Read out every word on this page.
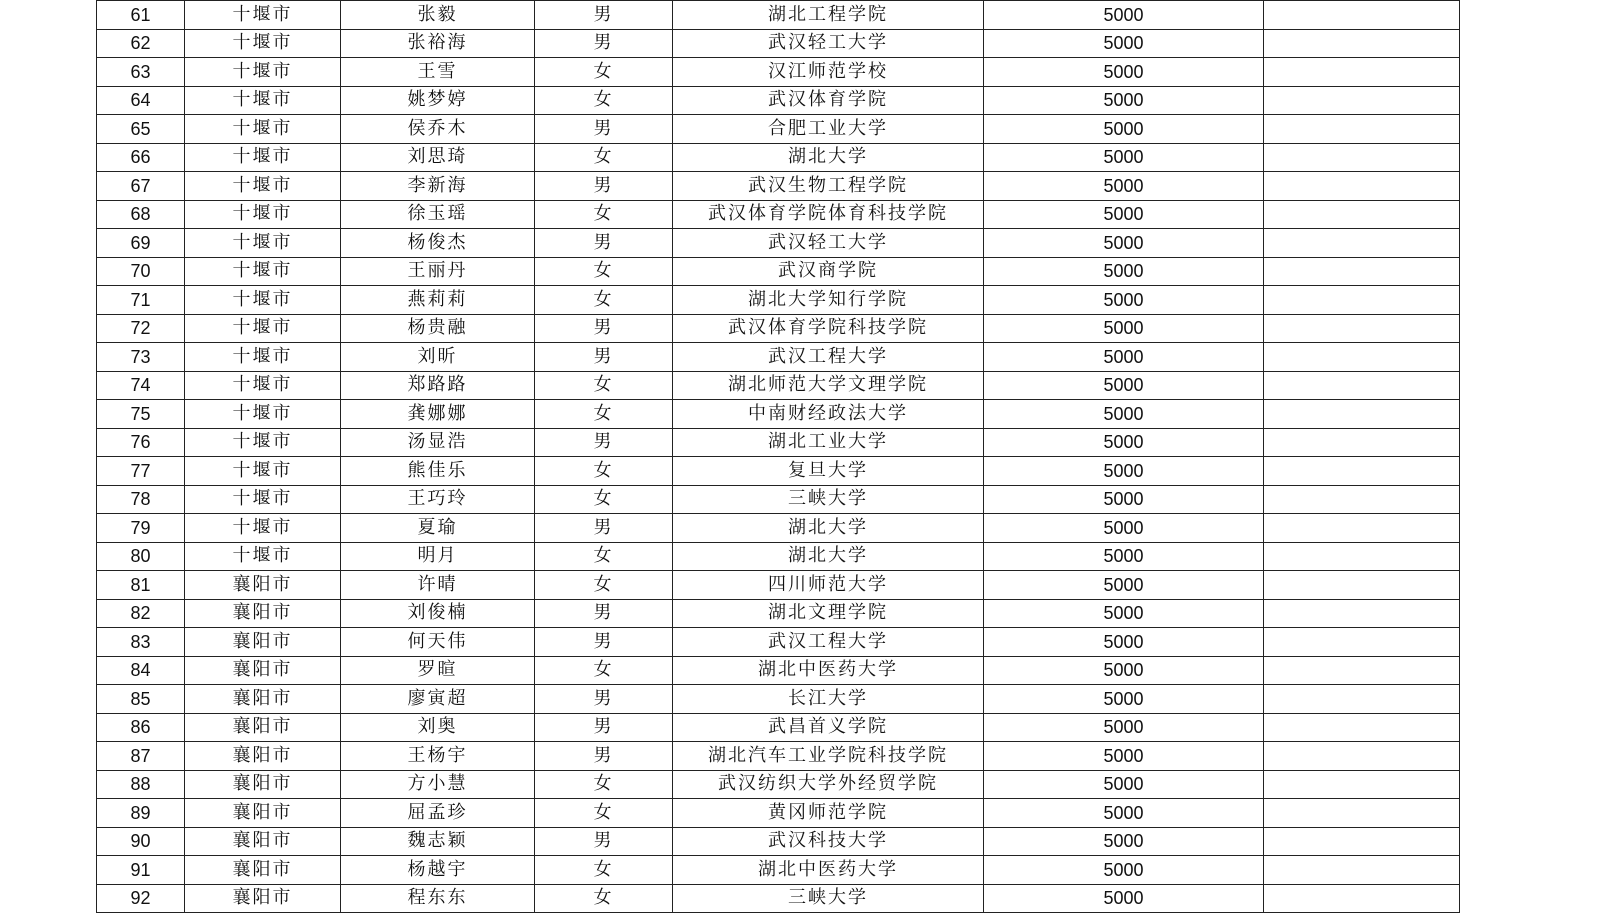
61	十堰市	张毅	男	湖北工程学院	5000	
62	十堰市	张裕海	男	武汉轻工大学	5000	
63	十堰市	王雪	女	汉江师范学校	5000	
64	十堰市	姚梦婷	女	武汉体育学院	5000	
65	十堰市	侯乔木	男	合肥工业大学	5000	
66	十堰市	刘思琦	女	湖北大学	5000	
67	十堰市	李新海	男	武汉生物工程学院	5000	
68	十堰市	徐玉瑶	女	武汉体育学院体育科技学院	5000	
69	十堰市	杨俊杰	男	武汉轻工大学	5000	
70	十堰市	王丽丹	女	武汉商学院	5000	
71	十堰市	燕莉莉	女	湖北大学知行学院	5000	
72	十堰市	杨贵融	男	武汉体育学院科技学院	5000	
73	十堰市	刘昕	男	武汉工程大学	5000	
74	十堰市	郑路路	女	湖北师范大学文理学院	5000	
75	十堰市	龚娜娜	女	中南财经政法大学	5000	
76	十堰市	汤显浩	男	湖北工业大学	5000	
77	十堰市	熊佳乐	女	复旦大学	5000	
78	十堰市	王巧玲	女	三峡大学	5000	
79	十堰市	夏瑜	男	湖北大学	5000	
80	十堰市	明月	女	湖北大学	5000	
81	襄阳市	许晴	女	四川师范大学	5000	
82	襄阳市	刘俊楠	男	湖北文理学院	5000	
83	襄阳市	何天伟	男	武汉工程大学	5000	
84	襄阳市	罗暄	女	湖北中医药大学	5000	
85	襄阳市	廖寅超	男	长江大学	5000	
86	襄阳市	刘奥	男	武昌首义学院	5000	
87	襄阳市	王杨宇	男	湖北汽车工业学院科技学院	5000	
88	襄阳市	方小慧	女	武汉纺织大学外经贸学院	5000	
89	襄阳市	屈孟珍	女	黄冈师范学院	5000	
90	襄阳市	魏志颖	男	武汉科技大学	5000	
91	襄阳市	杨越宇	女	湖北中医药大学	5000	
92	襄阳市	程东东	女	三峡大学	5000	
